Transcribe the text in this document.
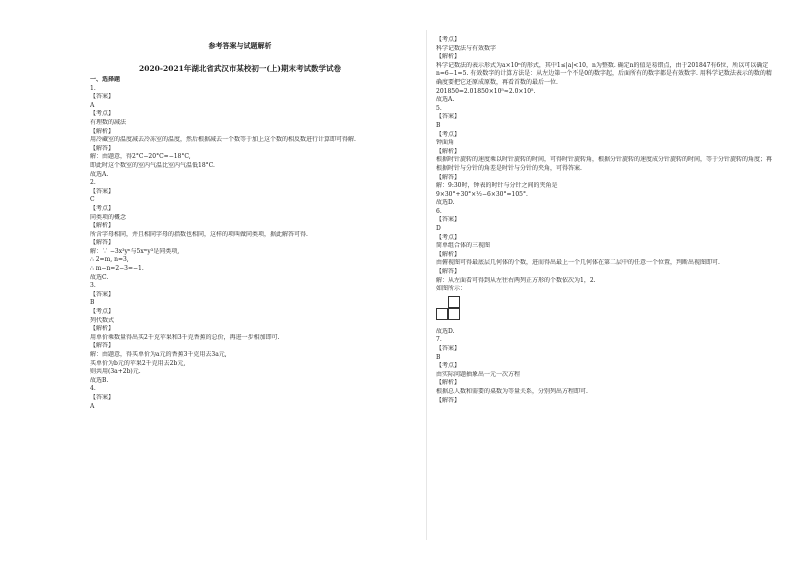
参考答案与试题解析
2020-2021年湖北省武汉市某校初一(上)期末考试数学试卷
一、选择题
1.
【答案】
A
【考点】
有理数的减法
【解析】
用冷藏室的温度减去冷冻室的温度，然后根据减去一个数等于加上这个数的相反数进行计算即可得解.
【解答】
解：由题意，得2°C−20°C=−18°C,
即此时这个数室的室内气温比室内气温低18°C.
故选A.
2.
【答案】
C
【考点】
同类项的概念
【解析】
所含字母相同，并且相同字母的指数也相同，这样的项叫做同类项，据此解答可得.
【解答】
解：∵ −3x³yⁿ与5xᵐy³是同类项,
∴ 2=m, n=3,
∴ m−n=2−3=−1.
故选C.
3.
【答案】
B
【考点】
列代数式
【解析】
用单价乘数量得出买2千克苹果和3千克香蕉的总价，再进一步相加即可.
【解答】
解：由题意，得买单价为a元的香蕉3千克用去3a元,
买单价为b元的苹果2千克用去2b元,
则共用(3a+2b)元.
故选B.
4.
【答案】
A
【考点】
科学记数法与有效数字
【解析】
科学记数法的表示形式为a×10ⁿ的形式，其中1≤|a|<10，n为整数. 确定n的值是易错点，由于201847有6位，所以可以确定n=6−1=5. 有效数字的计算方法是：从左边第一个不是0的数字起，后面所有的数字都是有效数字. 用科学记数法表示的数的精确度要把它还原成原数，再看首数的最后一位.
201850=2.01850×10⁵≈2.0×10⁵.
故选A.
5.
【答案】
B
【考点】
钟面角
【解析】
根据时针旋转的速度乘以时针旋转的时间，可得时针旋转角，根据分针旋转的速度成分针旋转的时间，等于分针旋转的角度；再根据时针与分针的角差是时针与分针的夹角，可得答案.
【解答】
解：9:30时，钟表的时针与分针之间的夹角是
9×30°+30°×½−6×30°=105°.
故选D.
6.
【答案】
D
【考点】
简单组合体的三视图
【解析】
由俯视图可得最底层几何体的个数，进而得出最上一个几何体在第二层中的任意一个位置，判断出视图即可.
【解答】
解：从左面看可得到从左往右两列正方形的个数依次为1，2.
如图所示：
故选D.
7.
【答案】
B
【考点】
由实际问题抽象出一元一次方程
【解析】
根据总人数和需要的桌数为等量关系，分别列出方程即可.
【解答】
